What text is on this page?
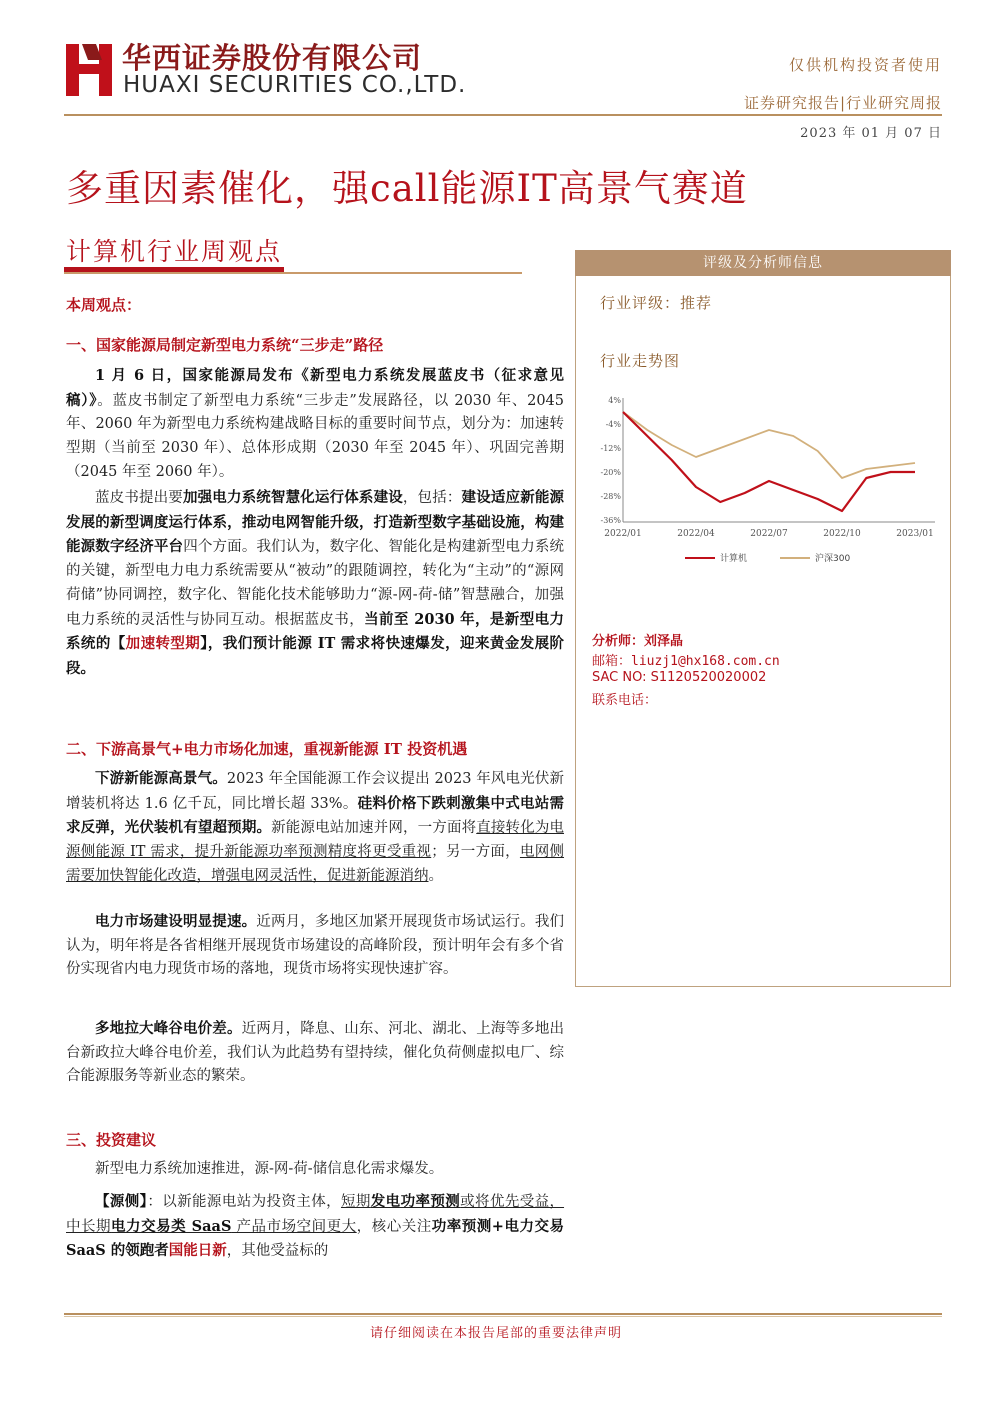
华西证券股份有限公司
HUAXI SECURITIES CO.,LTD.
仅供机构投资者使用
证券研究报告|行业研究周报
2023 年 01 月 07 日
多重因素催化，强call能源IT高景气赛道
计算机行业周观点
本周观点：
一、国家能源局制定新型电力系统“三步走”路径
1 月 6 日，国家能源局发布《新型电力系统发展蓝皮书（征求意见稿）》。蓝皮书制定了新型电力系统“三步走”发展路径，以 2030 年、2045 年、2060 年为新型电力系统构建战略目标的重要时间节点，划分为：加速转型期（当前至 2030 年）、总体形成期（2030 年至 2045 年）、巩固完善期（2045 年至 2060 年）。
蓝皮书提出要加强电力系统智慧化运行体系建设，包括：建设适应新能源发展的新型调度运行体系，推动电网智能升级，打造新型数字基础设施，构建能源数字经济平台四个方面。我们认为，数字化、智能化是构建新型电力系统的关键，新型电力电力系统需要从“被动”的跟随调控，转化为“主动”的“源网荷储”协同调控，数字化、智能化技术能够助力“源-网-荷-储”智慧融合，加强电力系统的灵活性与协同互动。根据蓝皮书，当前至 2030 年，是新型电力系统的【加速转型期】，我们预计能源 IT 需求将快速爆发，迎来黄金发展阶段。
二、下游高景气+电力市场化加速，重视新能源 IT 投资机遇
下游新能源高景气。2023 年全国能源工作会议提出 2023 年风电光伏新增装机将达 1.6 亿千瓦，同比增长超 33%。硅料价格下跌刺激集中式电站需求反弹，光伏装机有望超预期。新能源电站加速并网，一方面将直接转化为电源侧能源 IT 需求，提升新能源功率预测精度将更受重视；另一方面，电网侧需要加快智能化改造，增强电网灵活性，促进新能源消纳。
电力市场建设明显提速。近两月，多地区加紧开展现货市场试运行。我们认为，明年将是各省相继开展现货市场建设的高峰阶段，预计明年会有多个省份实现省内电力现货市场的落地，现货市场将实现快速扩容。
多地拉大峰谷电价差。近两月，降息、山东、河北、湖北、上海等多地出台新政拉大峰谷电价差，我们认为此趋势有望持续，催化负荷侧虚拟电厂、综合能源服务等新业态的繁荣。
三、投资建议
新型电力系统加速推进，源-网-荷-储信息化需求爆发。
【源侧】：以新能源电站为投资主体，短期发电功率预测或将优先受益，中长期电力交易类 SaaS 产品市场空间更大，核心关注功率预测+电力交易 SaaS 的领跑者国能日新，其他受益标的
评级及分析师信息
行业评级：推荐
行业走势图
4%
-4%
-12%
-20%
-28%
-36%
2022/01	2022/04	2022/07	2022/10	2023/01
计算机	沪深300
分析师：刘泽晶
邮箱：liuzj1@hx168.com.cn
SAC NO: S1120520020002
联系电话：
请仔细阅读在本报告尾部的重要法律声明
